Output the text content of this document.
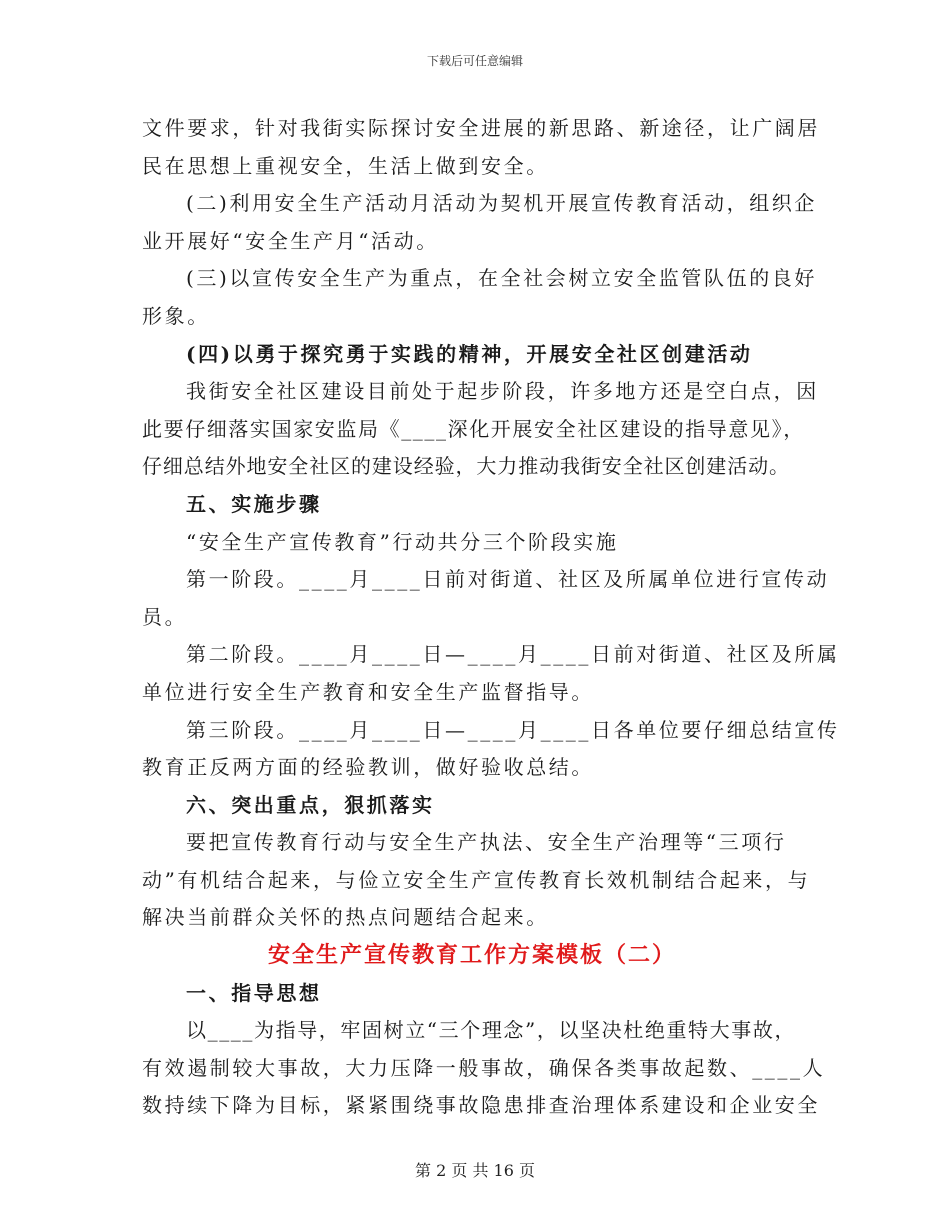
下载后可任意编辑
文件要求，针对我街实际探讨安全进展的新思路、新途径，让广阔居
民在思想上重视安全，生活上做到安全。
(二)利用安全生产活动月活动为契机开展宣传教育活动，组织企
业开展好“安全生产月“活动。
(三)以宣传安全生产为重点，在全社会树立安全监管队伍的良好
形象。
(四)以勇于探究勇于实践的精神，开展安全社区创建活动
我街安全社区建设目前处于起步阶段，许多地方还是空白点，因
此要仔细落实国家安监局《____深化开展安全社区建设的指导意见》，
仔细总结外地安全社区的建设经验，大力推动我街安全社区创建活动。
五、实施步骤
“安全生产宣传教育”行动共分三个阶段实施
第一阶段。____月____日前对街道、社区及所属单位进行宣传动
员。
第二阶段。____月____日—____月____日前对街道、社区及所属
单位进行安全生产教育和安全生产监督指导。
第三阶段。____月____日—____月____日各单位要仔细总结宣传
教育正反两方面的经验教训，做好验收总结。
六、突出重点，狠抓落实
要把宣传教育行动与安全生产执法、安全生产治理等“三项行
动”有机结合起来，与俭立安全生产宣传教育长效机制结合起来，与
解决当前群众关怀的热点问题结合起来。
安全生产宣传教育工作方案模板（二）
一、指导思想
以____为指导，牢固树立“三个理念”，以坚决杜绝重特大事故，
有效遏制较大事故，大力压降一般事故，确保各类事故起数、____人
数持续下降为目标，紧紧围绕事故隐患排查治理体系建设和企业安全
第 2 页 共 16 页
